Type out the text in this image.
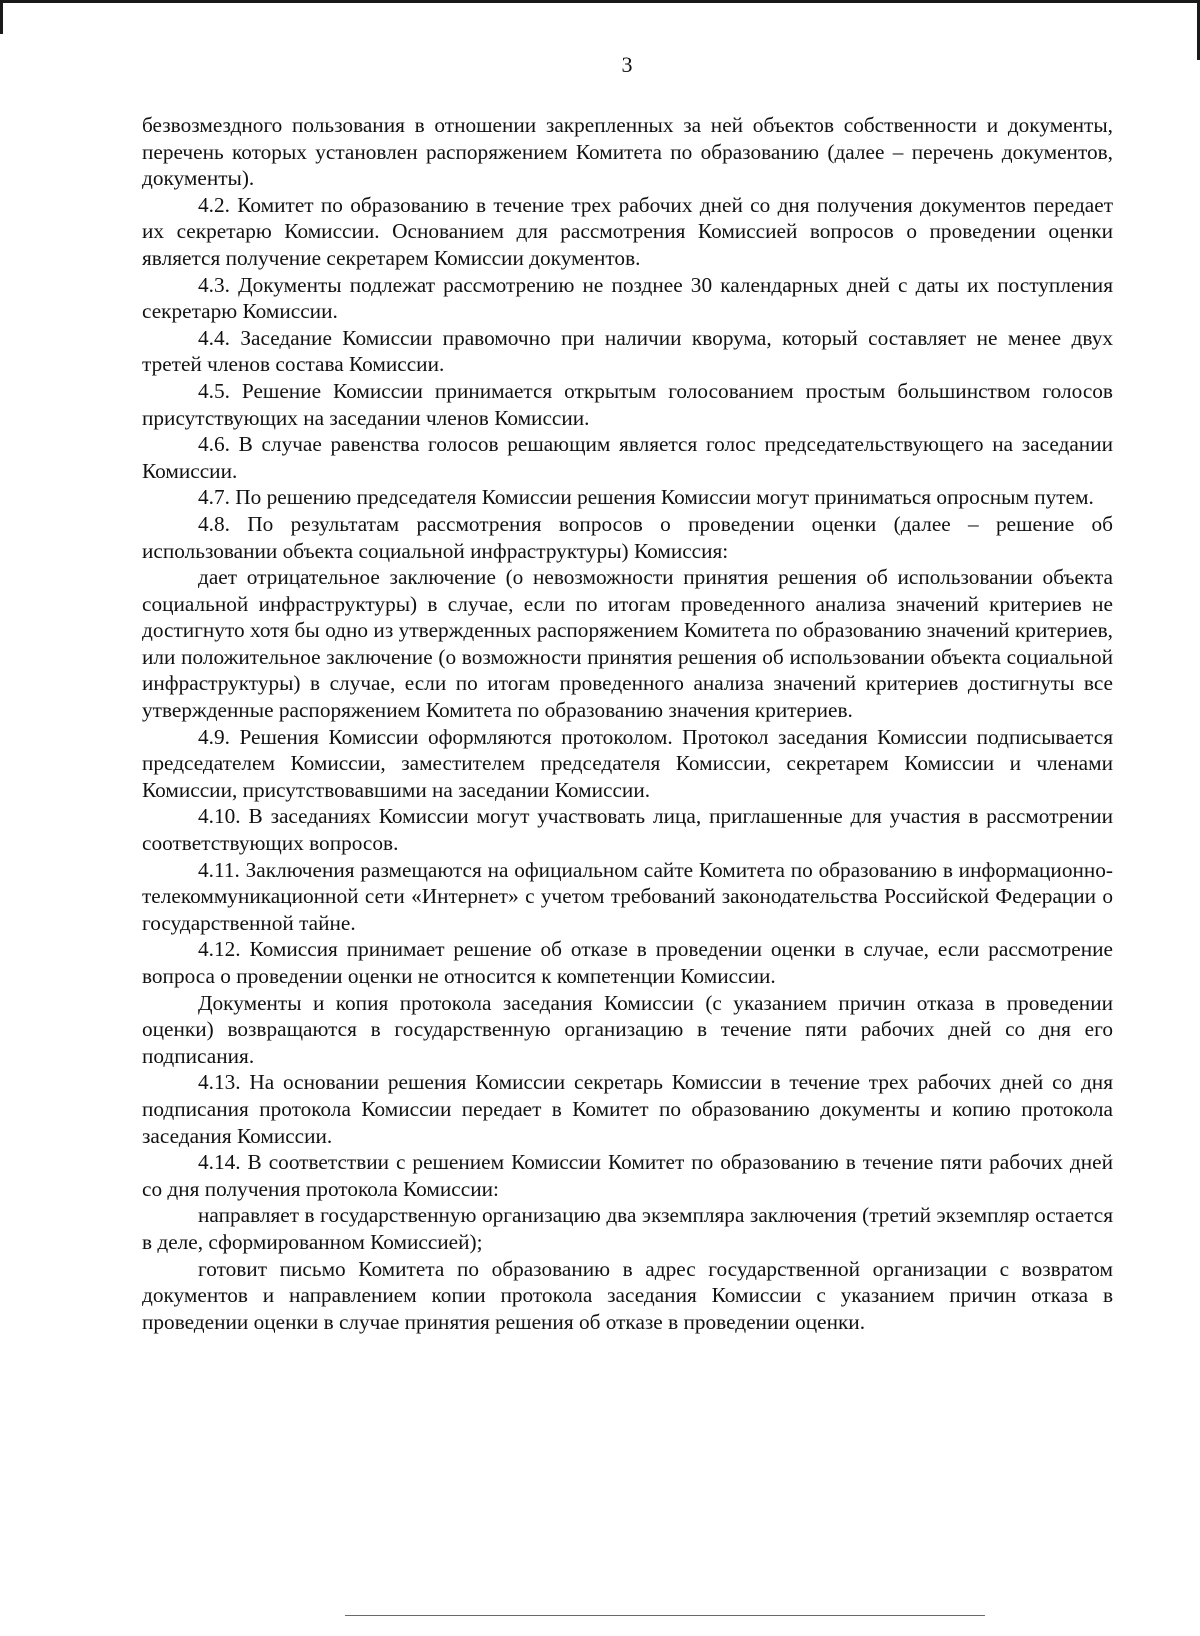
3

безвозмездного пользования в отношении закрепленных за ней объектов собственности и документы, перечень которых установлен распоряжением Комитета по образованию (далее – перечень документов, документы).

4.2. Комитет по образованию в течение трех рабочих дней со дня получения документов передает их секретарю Комиссии. Основанием для рассмотрения Комиссией вопросов о проведении оценки является получение секретарем Комиссии документов.

4.3. Документы подлежат рассмотрению не позднее 30 календарных дней с даты их поступления секретарю Комиссии.

4.4. Заседание Комиссии правомочно при наличии кворума, который составляет не менее двух третей членов состава Комиссии.

4.5. Решение Комиссии принимается открытым голосованием простым большинством голосов присутствующих на заседании членов Комиссии.

4.6. В случае равенства голосов решающим является голос председательствующего на заседании Комиссии.

4.7. По решению председателя Комиссии решения Комиссии могут приниматься опросным путем.

4.8. По результатам рассмотрения вопросов о проведении оценки (далее – решение об использовании объекта социальной инфраструктуры) Комиссия:

дает отрицательное заключение (о невозможности принятия решения об использовании объекта социальной инфраструктуры) в случае, если по итогам проведенного анализа значений критериев не достигнуто хотя бы одно из утвержденных распоряжением Комитета по образованию значений критериев, или положительное заключение (о возможности принятия решения об использовании объекта социальной инфраструктуры) в случае, если по итогам проведенного анализа значений критериев достигнуты все утвержденные распоряжением Комитета по образованию значения критериев.

4.9. Решения Комиссии оформляются протоколом. Протокол заседания Комиссии подписывается председателем Комиссии, заместителем председателя Комиссии, секретарем Комиссии и членами Комиссии, присутствовавшими на заседании Комиссии.

4.10. В заседаниях Комиссии могут участвовать лица, приглашенные для участия в рассмотрении соответствующих вопросов.

4.11. Заключения размещаются на официальном сайте Комитета по образованию в информационно-телекоммуникационной сети «Интернет» с учетом требований законодательства Российской Федерации о государственной тайне.

4.12. Комиссия принимает решение об отказе в проведении оценки в случае, если рассмотрение вопроса о проведении оценки не относится к компетенции Комиссии.

Документы и копия протокола заседания Комиссии (с указанием причин отказа в проведении оценки) возвращаются в государственную организацию в течение пяти рабочих дней со дня его подписания.

4.13. На основании решения Комиссии секретарь Комиссии в течение трех рабочих дней со дня подписания протокола Комиссии передает в Комитет по образованию документы и копию протокола заседания Комиссии.

4.14. В соответствии с решением Комиссии Комитет по образованию в течение пяти рабочих дней со дня получения протокола Комиссии:

направляет в государственную организацию два экземпляра заключения (третий экземпляр остается в деле, сформированном Комиссией);

готовит письмо Комитета по образованию в адрес государственной организации с возвратом документов и направлением копии протокола заседания Комиссии с указанием причин отказа в проведении оценки в случае принятия решения об отказе в проведении оценки.
